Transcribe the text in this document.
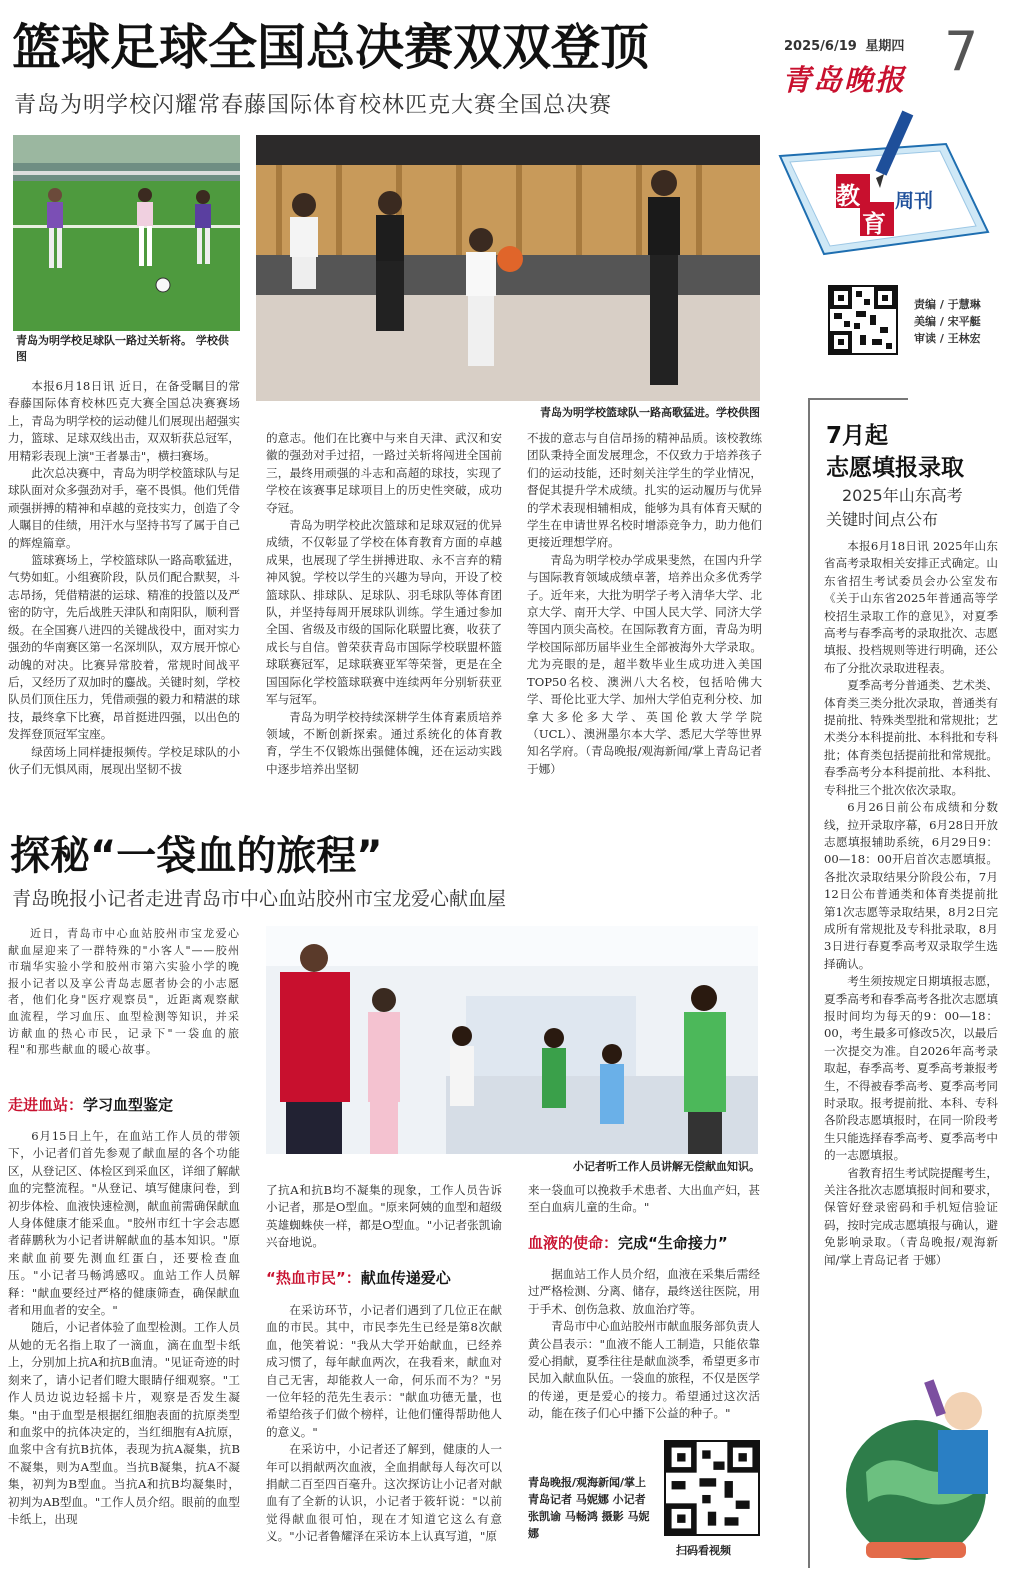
篮球足球全国总决赛双双登顶
青岛为明学校闪耀常春藤国际体育校林匹克大赛全国总决赛
2025/6/19 星期四 7
青岛晚报
教
育
周刊
责编 / 于慧琳
美编 / 宋平艇
审读 / 王林宏
青岛为明学校足球队一路过关斩将。 学校供图
青岛为明学校篮球队一路高歌猛进。学校供图

本报6月18日讯 近日，在备受瞩目的常春藤国际体育校林匹克大赛全国总决赛赛场上，青岛为明学校的运动健儿们展现出超强实力，篮球、足球双线出击，双双斩获总冠军，用精彩表现上演"王者暴击"，横扫赛场。

此次总决赛中，青岛为明学校篮球队与足球队面对众多强劲对手，毫不畏惧。他们凭借顽强拼搏的精神和卓越的竞技实力，创造了令人瞩目的佳绩，用汗水与坚持书写了属于自己的辉煌篇章。

篮球赛场上，学校篮球队一路高歌猛进，气势如虹。小组赛阶段，队员们配合默契，斗志昂扬，凭借精湛的运球、精准的投篮以及严密的防守，先后战胜天津队和南阳队，顺利晋级。在全国赛八进四的关键战役中，面对实力强劲的华南赛区第一名深圳队，双方展开惊心动魄的对决。比赛异常胶着，常规时间战平后，又经历了双加时的鏖战。关键时刻，学校队员们顶住压力，凭借顽强的毅力和精湛的球技，最终拿下比赛，昂首挺进四强，以出色的发挥登顶冠军宝座。

绿茵场上同样捷报频传。学校足球队的小伙子们无惧风雨，展现出坚韧不拔

的意志。他们在比赛中与来自天津、武汉和安徽的强劲对手过招，一路过关斩将闯进全国前三，最终用顽强的斗志和高超的球技，实现了学校在该赛事足球项目上的历史性突破，成功夺冠。

青岛为明学校此次篮球和足球双冠的优异成绩，不仅彰显了学校在体育教育方面的卓越成果，也展现了学生拼搏进取、永不言弃的精神风貌。学校以学生的兴趣为导向，开设了校篮球队、排球队、足球队、羽毛球队等体育团队，并坚持每周开展球队训练。学生通过参加全国、省级及市级的国际化联盟比赛，收获了成长与自信。曾荣获青岛市国际学校联盟杯篮球联赛冠军，足球联赛亚军等荣誉，更是在全国国际化学校篮球联赛中连续两年分别斩获亚军与冠军。

青岛为明学校持续深耕学生体育素质培养领域，不断创新探索。通过系统化的体育教育，学生不仅锻炼出强健体魄，还在运动实践中逐步培养出坚韧

不拔的意志与自信昂扬的精神品质。该校教练团队秉持全面发展理念，不仅致力于培养孩子们的运动技能，还时刻关注学生的学业情况，督促其提升学术成绩。扎实的运动履历与优异的学术表现相辅相成，能够为具有体育天赋的学生在申请世界名校时增添竞争力，助力他们更接近理想学府。

青岛为明学校办学成果斐然，在国内升学与国际教育领域成绩卓著，培养出众多优秀学子。近年来，大批为明学子考入清华大学、北京大学、南开大学、中国人民大学、同济大学等国内顶尖高校。在国际教育方面，青岛为明学校国际部历届毕业生全部被海外大学录取。尤为亮眼的是，超半数毕业生成功进入美国TOP50名校、澳洲八大名校，包括哈佛大学、哥伦比亚大学、加州大学伯克利分校、加拿大多伦多大学、英国伦敦大学学院（UCL）、澳洲墨尔本大学、悉尼大学等世界知名学府。（青岛晚报/观海新闻/掌上青岛记者 于娜）

探秘“一袋血的旅程”
青岛晚报小记者走进青岛市中心血站胶州市宝龙爱心献血屋

近日，青岛市中心血站胶州市宝龙爱心献血屋迎来了一群特殊的"小客人"——胶州市瑞华实验小学和胶州市第六实验小学的晚报小记者以及享公青岛志愿者协会的小志愿者，他们化身"医疗观察员"，近距离观察献血流程，学习血压、血型检测等知识，并采访献血的热心市民，记录下"一袋血的旅程"和那些献血的暖心故事。

小记者听工作人员讲解无偿献血知识。
走进血站：学习血型鉴定

6月15日上午，在血站工作人员的带领下，小记者们首先参观了献血屋的各个功能区，从登记区、体检区到采血区，详细了解献血的完整流程。"从登记、填写健康问卷，到初步体检、血液快速检测，献血前需确保献血人身体健康才能采血。"胶州市红十字会志愿者薛鹏秋为小记者讲解献血的基本知识。"原来献血前要先测血红蛋白，还要检查血压。"小记者马畅鸿感叹。血站工作人员解释："献血要经过严格的健康筛查，确保献血者和用血者的安全。"

随后，小记者体验了血型检测。工作人员从她的无名指上取了一滴血，滴在血型卡纸上，分别加上抗A和抗B血清。"见证奇迹的时刻来了，请小记者们瞪大眼睛仔细观察。"工作人员边说边轻摇卡片，观察是否发生凝集。"由于血型是根据红细胞表面的抗原类型和血浆中的抗体决定的，当红细胞有A抗原，血浆中含有抗B抗体，表现为抗A凝集，抗B不凝集，则为A型血。当抗B凝集，抗A不凝集，初判为B型血。当抗A和抗B均凝集时，初判为AB型血。"工作人员介绍。眼前的血型卡纸上，出现

了抗A和抗B均不凝集的现象，工作人员告诉小记者，那是O型血。"原来阿姨的血型和超级英雄蜘蛛侠一样，都是O型血。"小记者张凯谕兴奋地说。

“热血市民”：献血传递爱心

在采访环节，小记者们遇到了几位正在献血的市民。其中，市民李先生已经是第8次献血，他笑着说："我从大学开始献血，已经养成习惯了，每年献血两次，在我看来，献血对自己无害，却能救人一命，何乐而不为？"另一位年轻的范先生表示："献血功德无量，也希望给孩子们做个榜样，让他们懂得帮助他人的意义。"

在采访中，小记者还了解到，健康的人一年可以捐献两次血液，全血捐献每人每次可以捐献二百至四百毫升。这次探访让小记者对献血有了全新的认识，小记者于筱轩说："以前觉得献血很可怕，现在才知道它这么有意义。"小记者鲁耀泽在采访本上认真写道，"原

来一袋血可以挽救手术患者、大出血产妇，甚至白血病儿童的生命。"

血液的使命：完成“生命接力”

据血站工作人员介绍，血液在采集后需经过严格检测、分离、储存，最终送往医院，用于手术、创伤急救、放血治疗等。

青岛市中心血站胶州市献血服务部负责人黄公昌表示："血液不能人工制造，只能依靠爱心捐献，夏季往往是献血淡季，希望更多市民加入献血队伍。一袋血的旅程，不仅是医学的传递，更是爱心的接力。希望通过这次活动，能在孩子们心中播下公益的种子。"

青岛晚报/观海新闻/掌上青岛记者 马妮娜 小记者 张凯谕 马畅鸿 摄影 马妮娜
扫码看视频
7月起
志愿填报录取
2025年山东高考
关键时间点公布

本报6月18日讯 2025年山东省高考录取相关安排正式确定。山东省招生考试委员会办公室发布《关于山东省2025年普通高等学校招生录取工作的意见》，对夏季高考与春季高考的录取批次、志愿填报、投档规则等进行明确，还公布了分批次录取进程表。

夏季高考分普通类、艺术类、体育类三类分批次录取，普通类有提前批、特殊类型批和常规批；艺术类分本科提前批、本科批和专科批；体育类包括提前批和常规批。春季高考分本科提前批、本科批、专科批三个批次依次录取。

6月26日前公布成绩和分数线，拉开录取序幕，6月28日开放志愿填报辅助系统，6月29日9：00—18：00开启首次志愿填报。各批次录取结果分阶段公布，7月12日公布普通类和体育类提前批第1次志愿等录取结果，8月2日完成所有常规批及专科批录取，8月3日进行春夏季高考双录取学生选择确认。

考生须按规定日期填报志愿，夏季高考和春季高考各批次志愿填报时间均为每天的9：00—18：00，考生最多可修改5次，以最后一次提交为准。自2026年高考录取起，春季高考、夏季高考兼报考生，不得被春季高考、夏季高考同时录取。报考提前批、本科、专科各阶段志愿填报时，在同一阶段考生只能选择春季高考、夏季高考中的一志愿填报。

省教育招生考试院提醒考生，关注各批次志愿填报时间和要求，保管好登录密码和手机短信验证码，按时完成志愿填报与确认，避免影响录取。（青岛晚报/观海新闻/掌上青岛记者 于娜）
